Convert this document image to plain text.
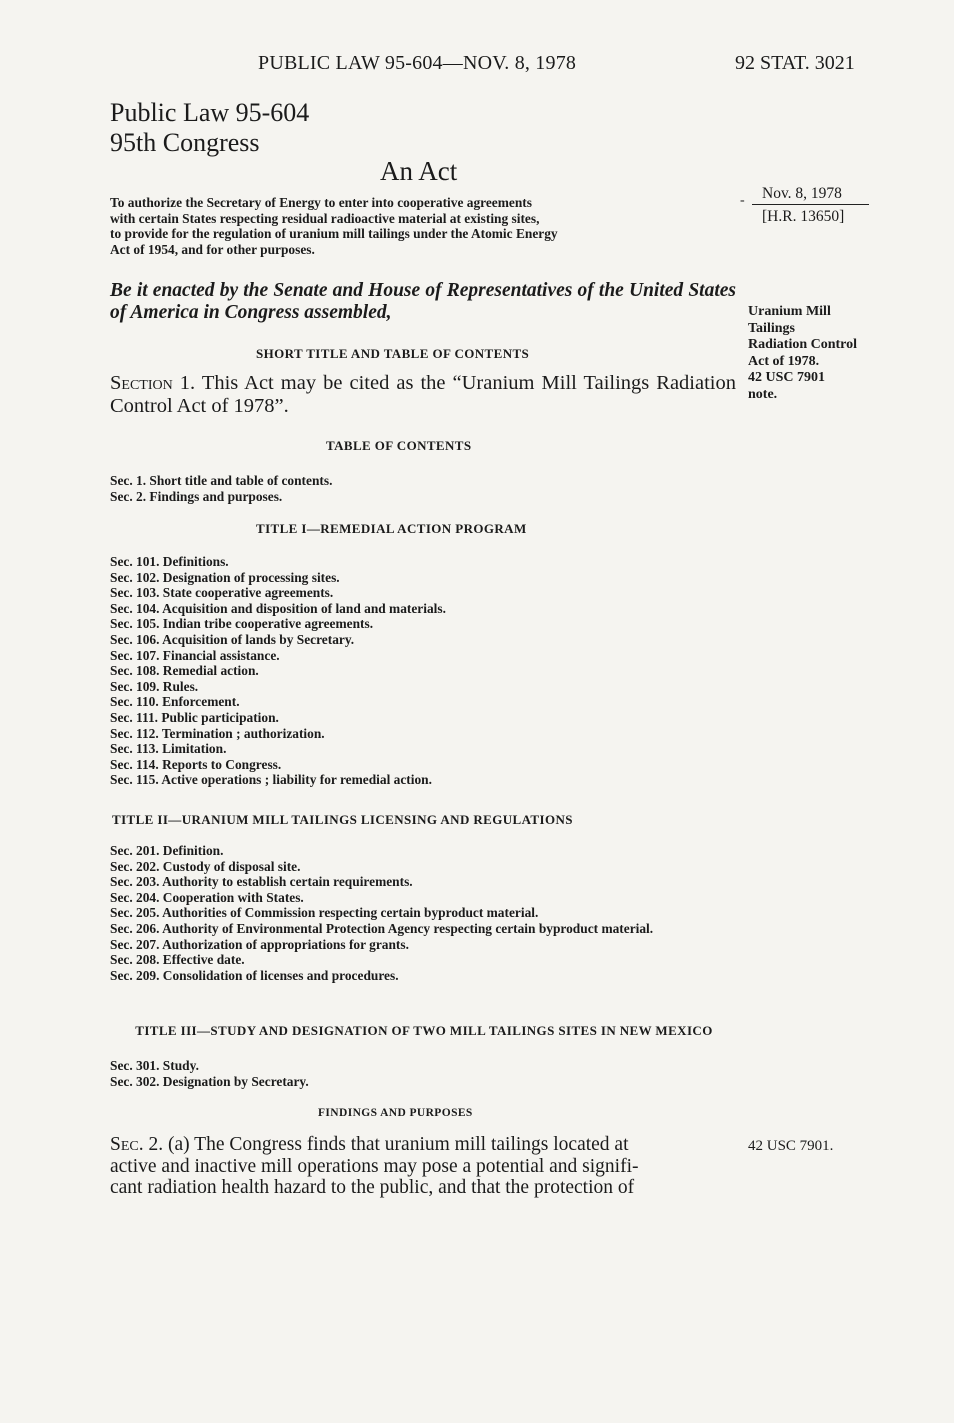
PUBLIC LAW 95-604—NOV. 8, 1978	92 STAT. 3021
Public Law 95-604
95th Congress
An Act
To authorize the Secretary of Energy to enter into cooperative agreements
with certain States respecting residual radioactive material at existing sites,
to provide for the regulation of uranium mill tailings under the Atomic Energy
Act of 1954, and for other purposes.
-	Nov. 8, 1978
[H.R. 13650]
Be it enacted by the Senate and House of Representatives of the United States of America in Congress assembled,	Uranium Mill
Tailings
Radiation Control
Act of 1978.
42 USC 7901
note.
SHORT TITLE AND TABLE OF CONTENTS
Section 1. This Act may be cited as the “Uranium Mill Tailings Radiation Control Act of 1978”.
TABLE OF CONTENTS
Sec. 1. Short title and table of contents.
Sec. 2. Findings and purposes.
TITLE I—REMEDIAL ACTION PROGRAM
Sec. 101. Definitions.
Sec. 102. Designation of processing sites.
Sec. 103. State cooperative agreements.
Sec. 104. Acquisition and disposition of land and materials.
Sec. 105. Indian tribe cooperative agreements.
Sec. 106. Acquisition of lands by Secretary.
Sec. 107. Financial assistance.
Sec. 108. Remedial action.
Sec. 109. Rules.
Sec. 110. Enforcement.
Sec. 111. Public participation.
Sec. 112. Termination ; authorization.
Sec. 113. Limitation.
Sec. 114. Reports to Congress.
Sec. 115. Active operations ; liability for remedial action.
TITLE II—URANIUM MILL TAILINGS LICENSING AND REGULATIONS
Sec. 201. Definition.
Sec. 202. Custody of disposal site.
Sec. 203. Authority to establish certain requirements.
Sec. 204. Cooperation with States.
Sec. 205. Authorities of Commission respecting certain byproduct material.
Sec. 206. Authority of Environmental Protection Agency respecting certain byproduct material.
Sec. 207. Authorization of appropriations for grants.
Sec. 208. Effective date.
Sec. 209. Consolidation of licenses and procedures.
TITLE III—STUDY AND DESIGNATION OF TWO MILL TAILINGS SITES IN NEW MEXICO
Sec. 301. Study.
Sec. 302. Designation by Secretary.
FINDINGS AND PURPOSES
Sec. 2. (a) The Congress finds that uranium mill tailings located at
active and inactive mill operations may pose a potential and signifi-
cant radiation health hazard to the public, and that the protection of
42 USC 7901.
